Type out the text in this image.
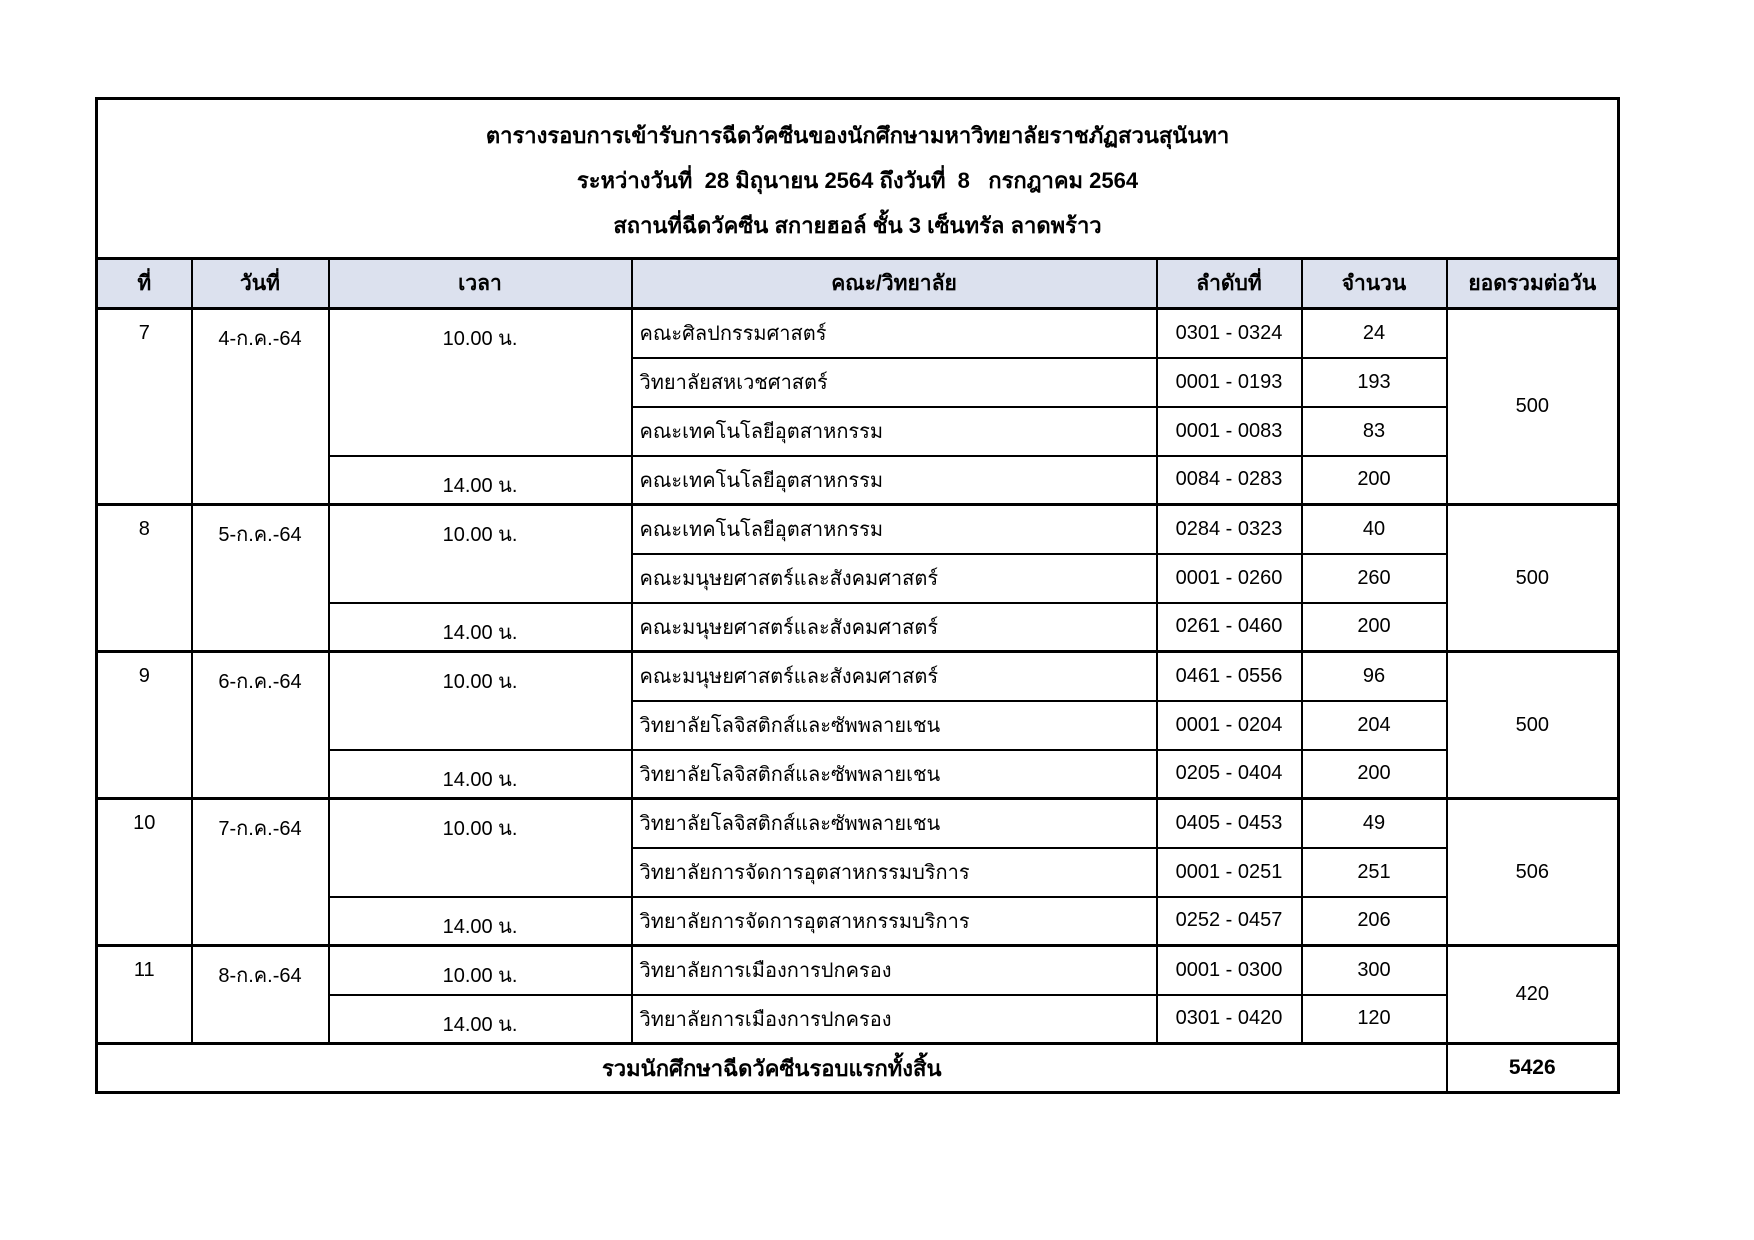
ตารางรอบการเข้ารับการฉีดวัคซีนของนักศึกษามหาวิทยาลัยราชภัฏสวนสุนันทา
ระหว่างวันที่  28 มิถุนายน 2564 ถึงวันที่  8   กรกฎาคม 2564
สถานที่ฉีดวัคซีน สกายฮอล์ ชั้น 3 เซ็นทรัล ลาดพร้าว						

ที่	วันที่	เวลา	คณะ/วิทยาลัย	ลำดับที่	จำนวน	ยอดรวมต่อวัน
7	4-ก.ค.-64	10.00 น.	คณะศิลปกรรมศาสตร์	0301 - 0324	24	500
			วิทยาลัยสหเวชศาสตร์	0001 - 0193	193	
			คณะเทคโนโลยีอุตสาหกรรม	0001 - 0083	83	
		14.00 น.	คณะเทคโนโลยีอุตสาหกรรม	0084 - 0283	200	
8	5-ก.ค.-64	10.00 น.	คณะเทคโนโลยีอุตสาหกรรม	0284 - 0323	40	500
			คณะมนุษยศาสตร์และสังคมศาสตร์	0001 - 0260	260	
		14.00 น.	คณะมนุษยศาสตร์และสังคมศาสตร์	0261 - 0460	200	
9	6-ก.ค.-64	10.00 น.	คณะมนุษยศาสตร์และสังคมศาสตร์	0461 - 0556	96	500
			วิทยาลัยโลจิสติกส์และซัพพลายเชน	0001 - 0204	204	
		14.00 น.	วิทยาลัยโลจิสติกส์และซัพพลายเชน	0205 - 0404	200	
10	7-ก.ค.-64	10.00 น.	วิทยาลัยโลจิสติกส์และซัพพลายเชน	0405 - 0453	49	506
			วิทยาลัยการจัดการอุตสาหกรรมบริการ	0001 - 0251	251	
		14.00 น.	วิทยาลัยการจัดการอุตสาหกรรมบริการ	0252 - 0457	206	
11	8-ก.ค.-64	10.00 น.	วิทยาลัยการเมืองการปกครอง	0001 - 0300	300	420
		14.00 น.	วิทยาลัยการเมืองการปกครอง	0301 - 0420	120	
รวมนักศึกษาฉีดวัคซีนรอบแรกทั้งสิ้น						5426
